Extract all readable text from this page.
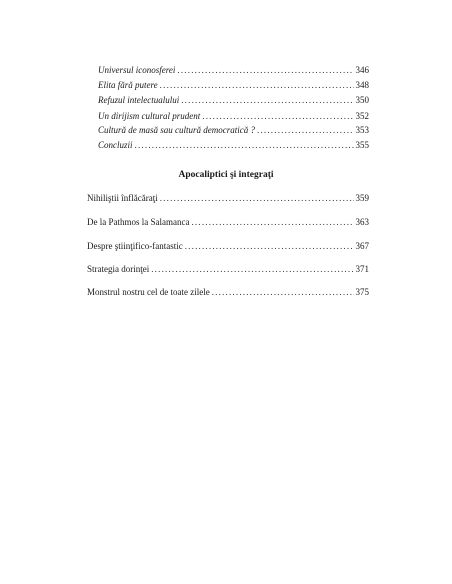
Universul iconosferei .....	346
Elita fără putere .....	348
Refuzul intelectualului .....	350
Un dirijism cultural prudent .....	352
Cultură de masă sau cultură democratică ? .....	353
Concluzii .....	355
Apocaliptici şi integraţi
Nihiliştii înflăcăraţi .....	359
De la Pathmos la Salamanca .....	363
Despre ştiinţifico-fantastic .....	367
Strategia dorinţei .....	371
Monstrul nostru cel de toate zilele .....	375
